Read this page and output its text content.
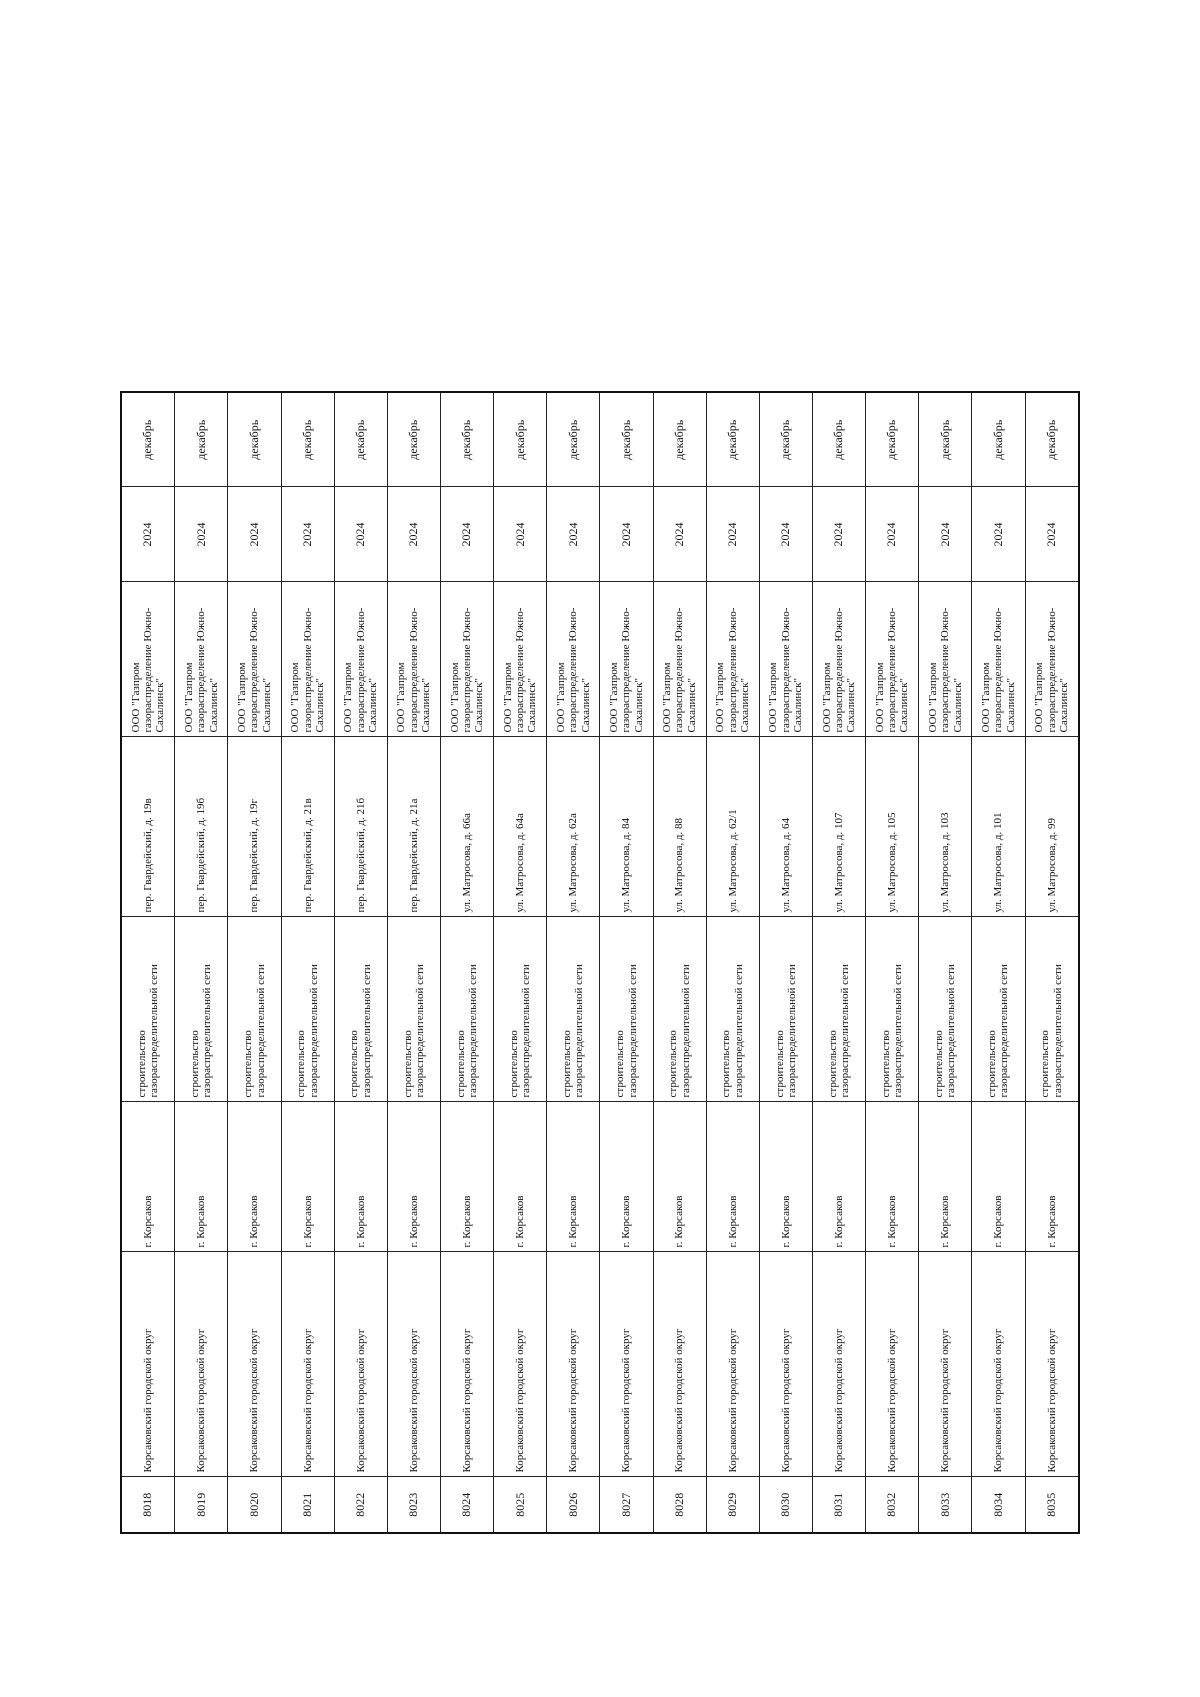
8018	Корсаковский городской округ	г. Корсаков	строительство газораспределительной сети	пер. Гвардейский, д. 19в	ООО "Газпром газораспределение Южно- Сахалинск"	2024	декабрь

8019	Корсаковский городской округ	г. Корсаков	строительство газораспределительной сети	пер. Гвардейский, д. 19б	ООО "Газпром газораспределение Южно- Сахалинск"	2024	декабрь

8020	Корсаковский городской округ	г. Корсаков	строительство газораспределительной сети	пер. Гвардейский, д. 19г	ООО "Газпром газораспределение Южно- Сахалинск"	2024	декабрь

8021	Корсаковский городской округ	г. Корсаков	строительство газораспределительной сети	пер. Гвардейский, д. 21в	ООО "Газпром газораспределение Южно- Сахалинск"	2024	декабрь

8022	Корсаковский городской округ	г. Корсаков	строительство газораспределительной сети	пер. Гвардейский, д. 21б	ООО "Газпром газораспределение Южно- Сахалинск"	2024	декабрь

8023	Корсаковский городской округ	г. Корсаков	строительство газораспределительной сети	пер. Гвардейский, д. 21а	ООО "Газпром газораспределение Южно- Сахалинск"	2024	декабрь

8024	Корсаковский городской округ	г. Корсаков	строительство газораспределительной сети	ул. Матросова, д. 66а	ООО "Газпром газораспределение Южно- Сахалинск"	2024	декабрь

8025	Корсаковский городской округ	г. Корсаков	строительство газораспределительной сети	ул. Матросова, д. 64а	ООО "Газпром газораспределение Южно- Сахалинск"	2024	декабрь

8026	Корсаковский городской округ	г. Корсаков	строительство газораспределительной сети	ул. Матросова, д. 62а	ООО "Газпром газораспределение Южно- Сахалинск"	2024	декабрь

8027	Корсаковский городской округ	г. Корсаков	строительство газораспределительной сети	ул. Матросова, д. 84	ООО "Газпром газораспределение Южно- Сахалинск"	2024	декабрь

8028	Корсаковский городской округ	г. Корсаков	строительство газораспределительной сети	ул. Матросова, д. 88	ООО "Газпром газораспределение Южно- Сахалинск"	2024	декабрь

8029	Корсаковский городской округ	г. Корсаков	строительство газораспределительной сети	ул. Матросова, д. 62/1	ООО "Газпром газораспределение Южно- Сахалинск"	2024	декабрь

8030	Корсаковский городской округ	г. Корсаков	строительство газораспределительной сети	ул. Матросова, д. 64	ООО "Газпром газораспределение Южно- Сахалинск"	2024	декабрь

8031	Корсаковский городской округ	г. Корсаков	строительство газораспределительной сети	ул. Матросова, д. 107	ООО "Газпром газораспределение Южно- Сахалинск"	2024	декабрь

8032	Корсаковский городской округ	г. Корсаков	строительство газораспределительной сети	ул. Матросова, д. 105	ООО "Газпром газораспределение Южно- Сахалинск"	2024	декабрь

8033	Корсаковский городской округ	г. Корсаков	строительство газораспределительной сети	ул. Матросова, д. 103	ООО "Газпром газораспределение Южно- Сахалинск"	2024	декабрь

8034	Корсаковский городской округ	г. Корсаков	строительство газораспределительной сети	ул. Матросова, д. 101	ООО "Газпром газораспределение Южно- Сахалинск"	2024	декабрь

8035	Корсаковский городской округ	г. Корсаков	строительство газораспределительной сети	ул. Матросова, д. 99	ООО "Газпром газораспределение Южно- Сахалинск"	2024	декабрь
